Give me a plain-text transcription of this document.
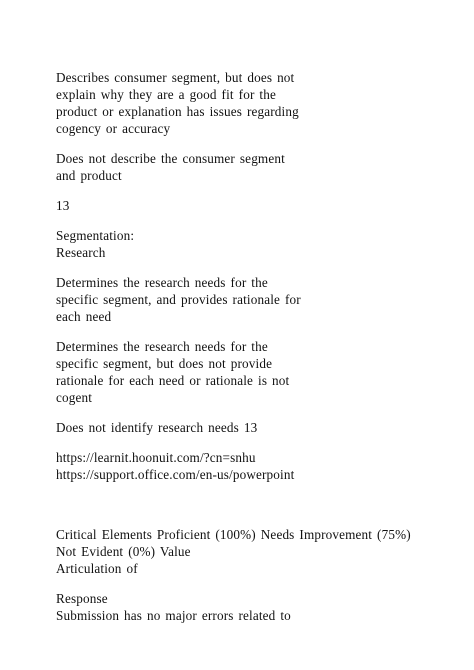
Describes consumer segment, but does not
explain why they are a good fit for the
product or explanation has issues regarding
cogency or accuracy
Does not describe the consumer segment
and product
13
Segmentation:
Research
Determines the research needs for the
specific segment, and provides rationale for
each need
Determines the research needs for the
specific segment, but does not provide
rationale for each need or rationale is not
cogent
Does not identify research needs 13
https://learnit.hoonuit.com/?cn=snhu
https://support.office.com/en-us/powerpoint
Critical Elements Proficient (100%) Needs Improvement (75%)
Not Evident (0%) Value
Articulation of
Response
Submission has no major errors related to
